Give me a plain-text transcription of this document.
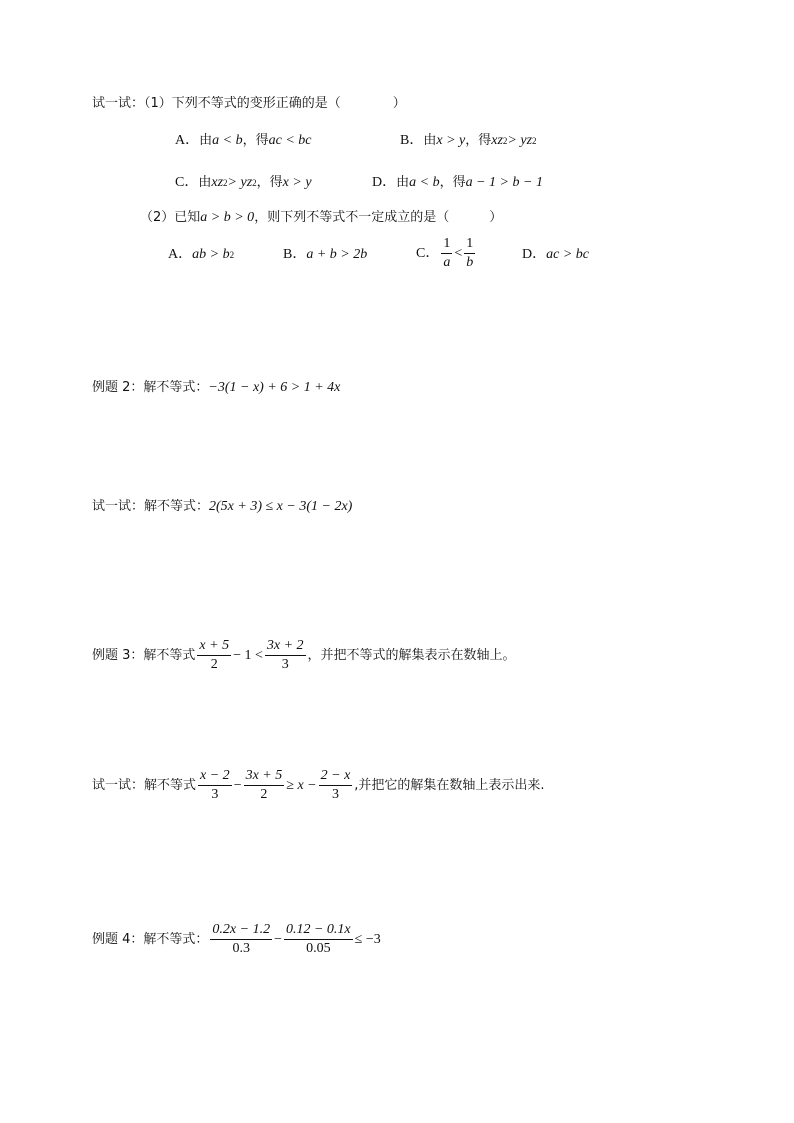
试一试：（1）下列不等式的变形正确的是（	）
A． 由 a < b ，得 ac < bc	B． 由 x > y ，得 xz 2 > yz 2
C． 由 xz 2 > yz 2 ，得 x > y	D． 由 a < b ，得 a − 1 > b − 1
（2）已知 a > b > 0 ，则下列不等式不一定成立的是（	）
A． ab > b 2	B． a + b > 2b	C． $\frac{1}{a} < \frac{1}{b}$	D． ac > bc
例题 2：解不等式： −3(1 − x) + 6 > 1 + 4x
试一试：解不等式： 2(5x + 3) ≤ x − 3(1 − 2x)
例题 3：解不等式 $\frac{x + 5}{2} - 1 < \frac{3x + 2}{3}$ ，并把不等式的解集表示在数轴上。
试一试：解不等式 $\frac{x - 2}{3} - \frac{3x + 5}{2} \ge x - \frac{2 - x}{3}$ ,并把它的解集在数轴上表示出来.
例题 4：解不等式： $\frac{0.2x - 1.2}{0.3} - \frac{0.12 - 0.1x}{0.05} \le -3$
